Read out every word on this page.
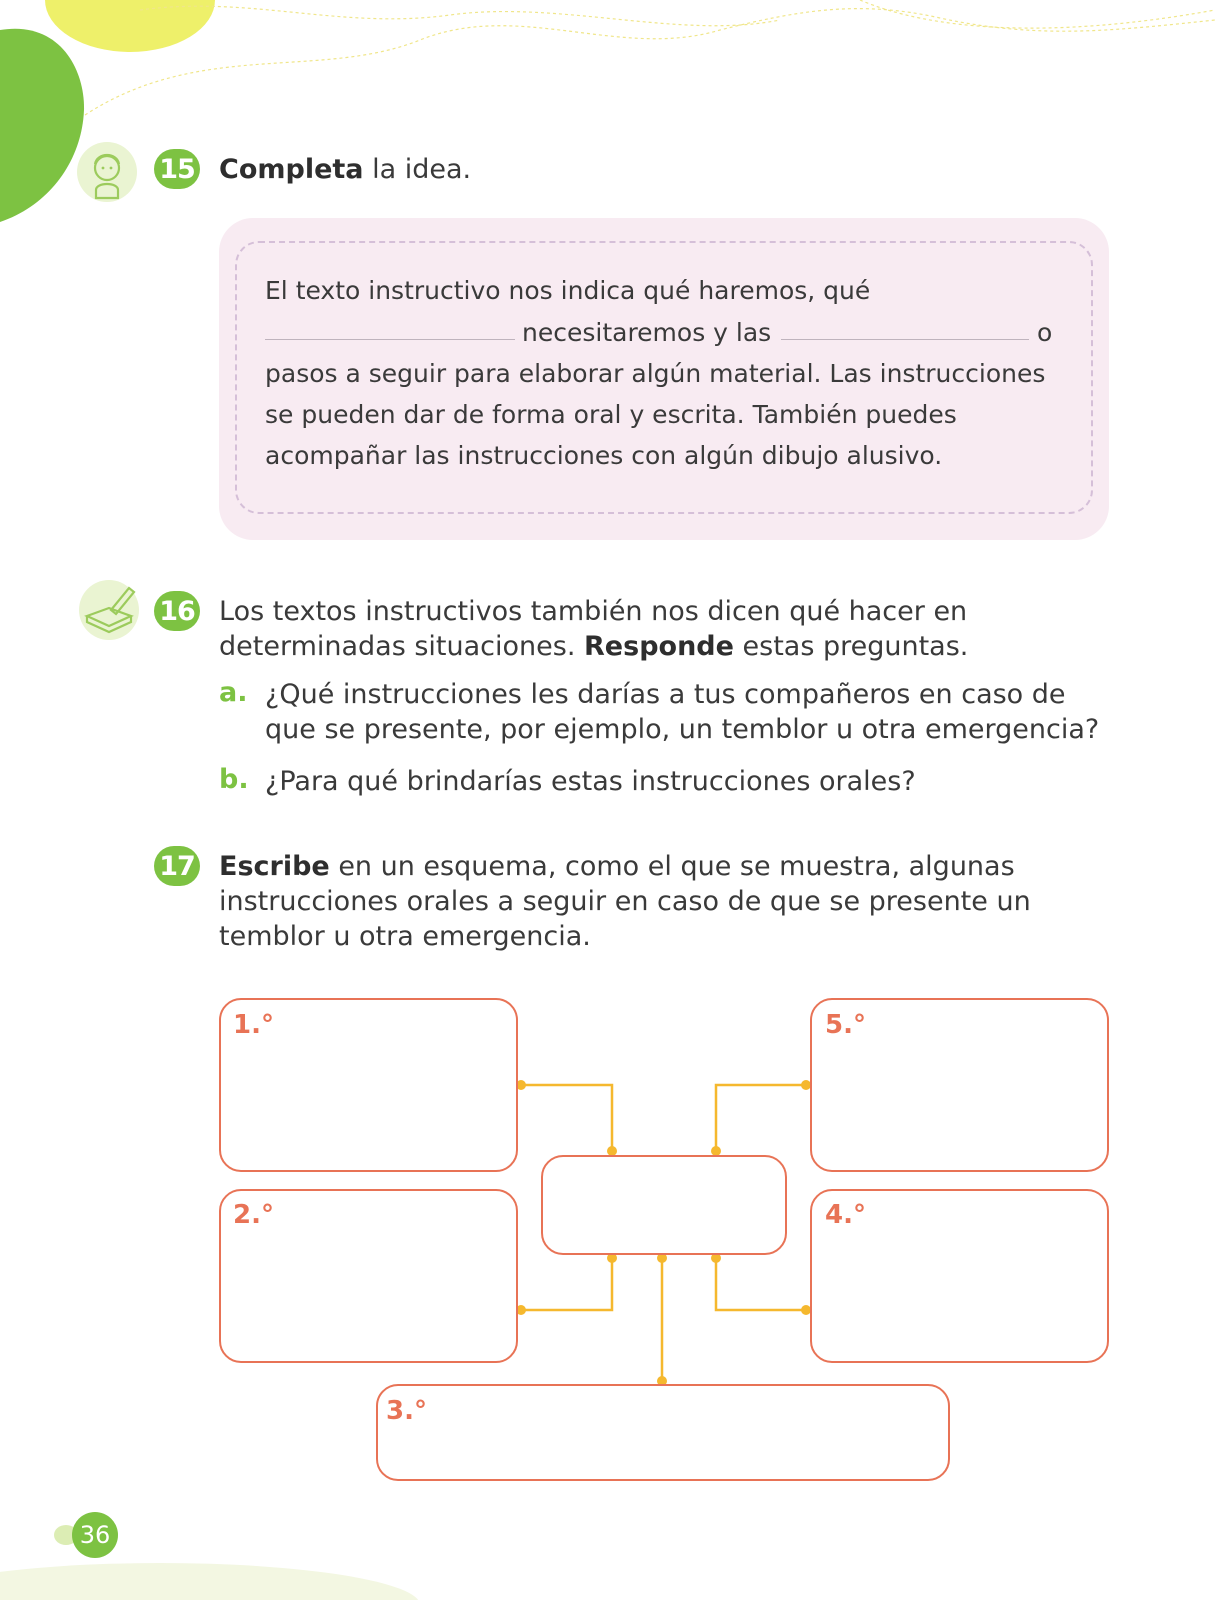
15 Completa la idea.
El texto instructivo nos indica qué haremos, qué
necesitaremos y las	o
pasos a seguir para elaborar algún material. Las instrucciones
se pueden dar de forma oral y escrita. También puedes
acompañar las instrucciones con algún dibujo alusivo.
16 Los textos instructivos también nos dicen qué hacer en
determinadas situaciones. Responde estas preguntas.
a. ¿Qué instrucciones les darías a tus compañeros en caso de
que se presente, por ejemplo, un temblor u otra emergencia?
b. ¿Para qué brindarías estas instrucciones orales?
17 Escribe en un esquema, como el que se muestra, algunas
instrucciones orales a seguir en caso de que se presente un
temblor u otra emergencia.
1.°	5.°
2.°	4.°
3.°
36
